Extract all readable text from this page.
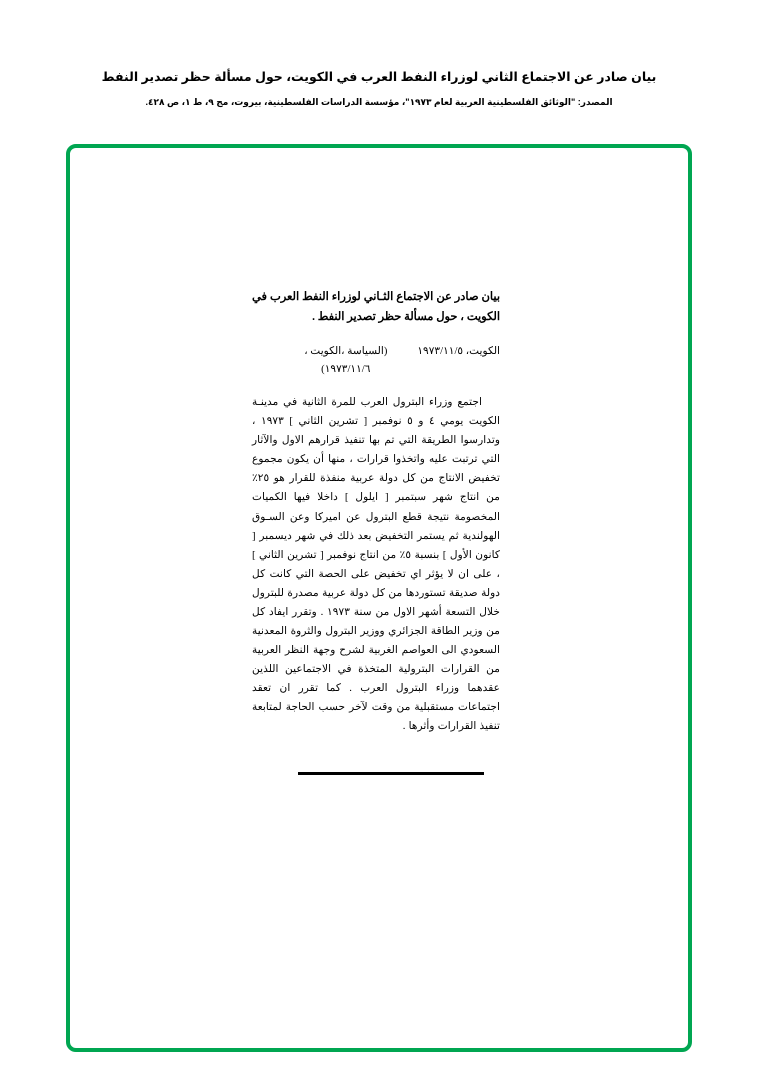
بيان صادر عن الاجتماع الثاني لوزراء النفط العرب في الكويت، حول مسألة حظر تصدير النفط
المصدر: "الوثائق الفلسطينية العربية لعام ١٩٧٣"، مؤسسة الدراسات الفلسطينية، بيروت، مج ٩، ط ١، ص ٤٢٨.
بيان صادر عن الاجتماع الثـاني لوزراء النفط العرب في الكويت ، حول مسألة حظر تصدير النفط .
الكويت، ١٩٧٣/١١/٥
(السياسة ،الكويت ،
١٩٧٣/١١/٦)
اجتمع وزراء البترول العرب للمرة الثانية في مدينـة الكويت يومي ٤ و ٥ نوفمبر [ تشرين الثاني ] ١٩٧٣ ، وتدارسوا الطريقة التي تم بها تنفيذ قرارهم الاول والآثار التي ترتبت عليه واتخذوا قرارات ، منها أن يكون مجموع تخفيض الانتاج من كل دولة عربية منفذة للقرار هو ٢٥٪ من انتاج شهر سبتمبر [ ايلول ] داخلا فيها الكميات المخصومة نتيجة قطع البترول عن اميركا وعن السـوق الهولندية ثم يستمر التخفيض بعد ذلك في شهر ديسمبر [ كانون الأول ] بنسبة ٥٪ من انتاج نوفمبر [ تشرين الثاني ] ، على ان لا يؤثر اي تخفيض على الحصة التي كانت كل دولة صديقة تستوردها من كل دولة عربية مصدرة للبترول خلال التسعة أشهر الاول من سنة ١٩٧٣ . وتقرر ايفاد كل من وزير الطاقة الجزائري ووزير البترول والثروة المعدنية السعودي الى العواصم الغربية لشرح وجهة النظر العربية من القرارات البترولية المتخذة في الاجتماعين اللذين عقدهما وزراء البترول العرب . كما تقرر ان تعقد اجتماعات مستقبلية من وقت لآخر حسب الحاجة لمتابعة تنفيذ القرارات وأثرها .
